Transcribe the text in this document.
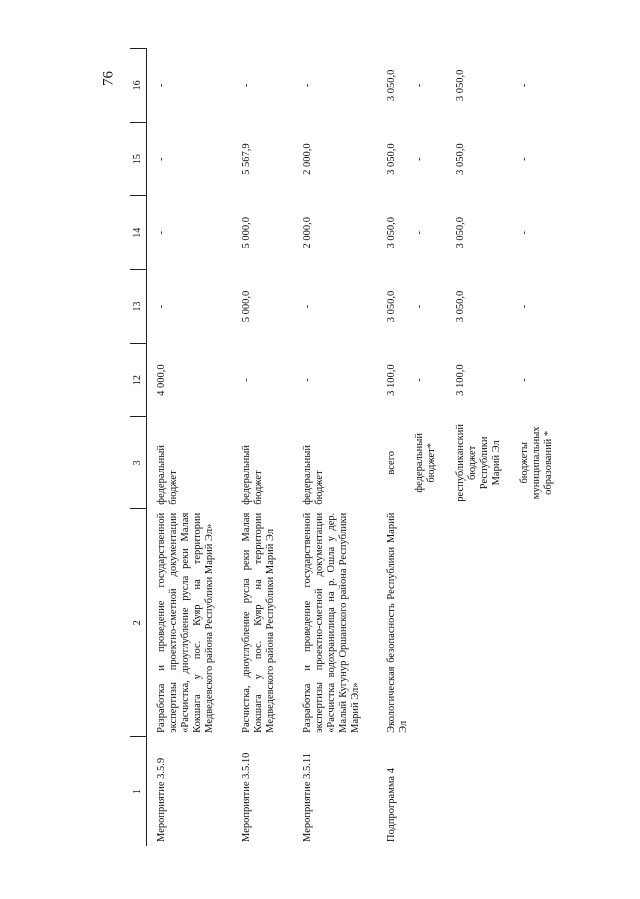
76
1	2	3	12	13	14	15	16
Мероприятие 3.5.9	Разработка и проведение государственной экспертизы проектно-сметной документации «Расчистка, дноуглубление русла реки Малая Кокшага у пос. Куяр на территории Медведевского района Республики Марий Эл»	федеральный бюджет	4 000,0	-	-	-	-
Мероприятие 3.5.10	Расчистка, дноуглубление русла реки Малая Кокшага у пос. Куяр на территории Медведевского района Республики Марий Эл	федеральный бюджет	-	5 000,0	5 000,0	5 567,9	-
Мероприятие 3.5.11	Разработка и проведение государственной экспертизы проектно-сметной документации «Расчистка водохранилища на р. Ошла у дер. Малый Кугунур Оршанского района Республики Марий Эл»	федеральный бюджет	-	-	2 000,0	2 000,0	-
Подпрограмма 4	Экологическая безопасность Республики Марий Эл	всего	3 100,0	3 050,0	3 050,0	3 050,0	3 050,0
		федеральный бюджет*	-	-	-	-	-
		республиканский бюджет Республики Марий Эл	3 100,0	3 050,0	3 050,0	3 050,0	3 050,0
		бюджеты муниципальных образований *	-	-	-	-	-
